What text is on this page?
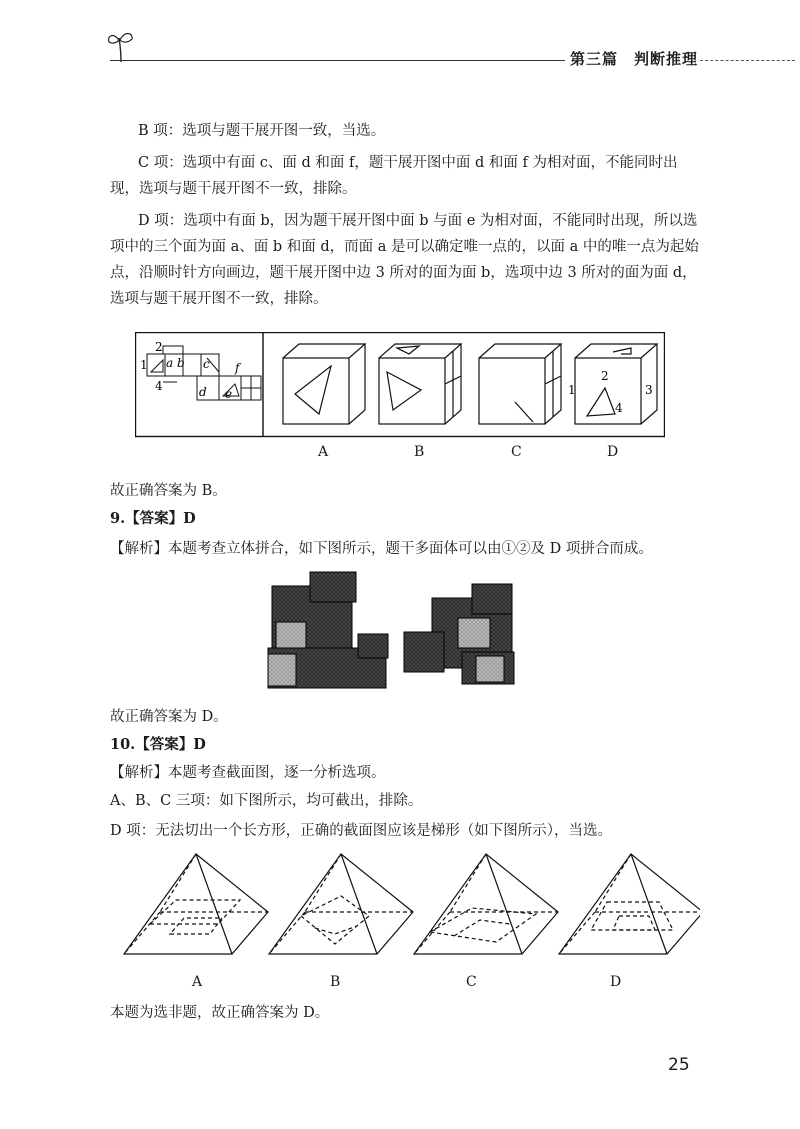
第三篇　判断推理
B 项：选项与题干展开图一致，当选。
C 项：选项中有面 c、面 d 和面 f，题干展开图中面 d 和面 f 为相对面，不能同时出现，选项与题干展开图不一致，排除。
D 项：选项中有面 b，因为题干展开图中面 b 与面 e 为相对面，不能同时出现，所以选项中的三个面为面 a、面 b 和面 d，而面 a 是可以确定唯一点的，以面 a 中的唯一点为起始点，沿顺时针方向画边，题干展开图中边 3 所对的面为面 b，选项中边 3 所对的面为面 d，选项与题干展开图不一致，排除。
2
1
4
a b c
d e
f
1
2
3
4
A	B	C	D
故正确答案为 B。
9.【答案】D
【解析】本题考查立体拼合，如下图所示，题干多面体可以由①②及 D 项拼合而成。
故正确答案为 D。
10.【答案】D
【解析】本题考查截面图，逐一分析选项。
A、B、C 三项：如下图所示，均可截出，排除。
D 项：无法切出一个长方形，正确的截面图应该是梯形（如下图所示），当选。
A	B	C	D
本题为选非题，故正确答案为 D。
25
